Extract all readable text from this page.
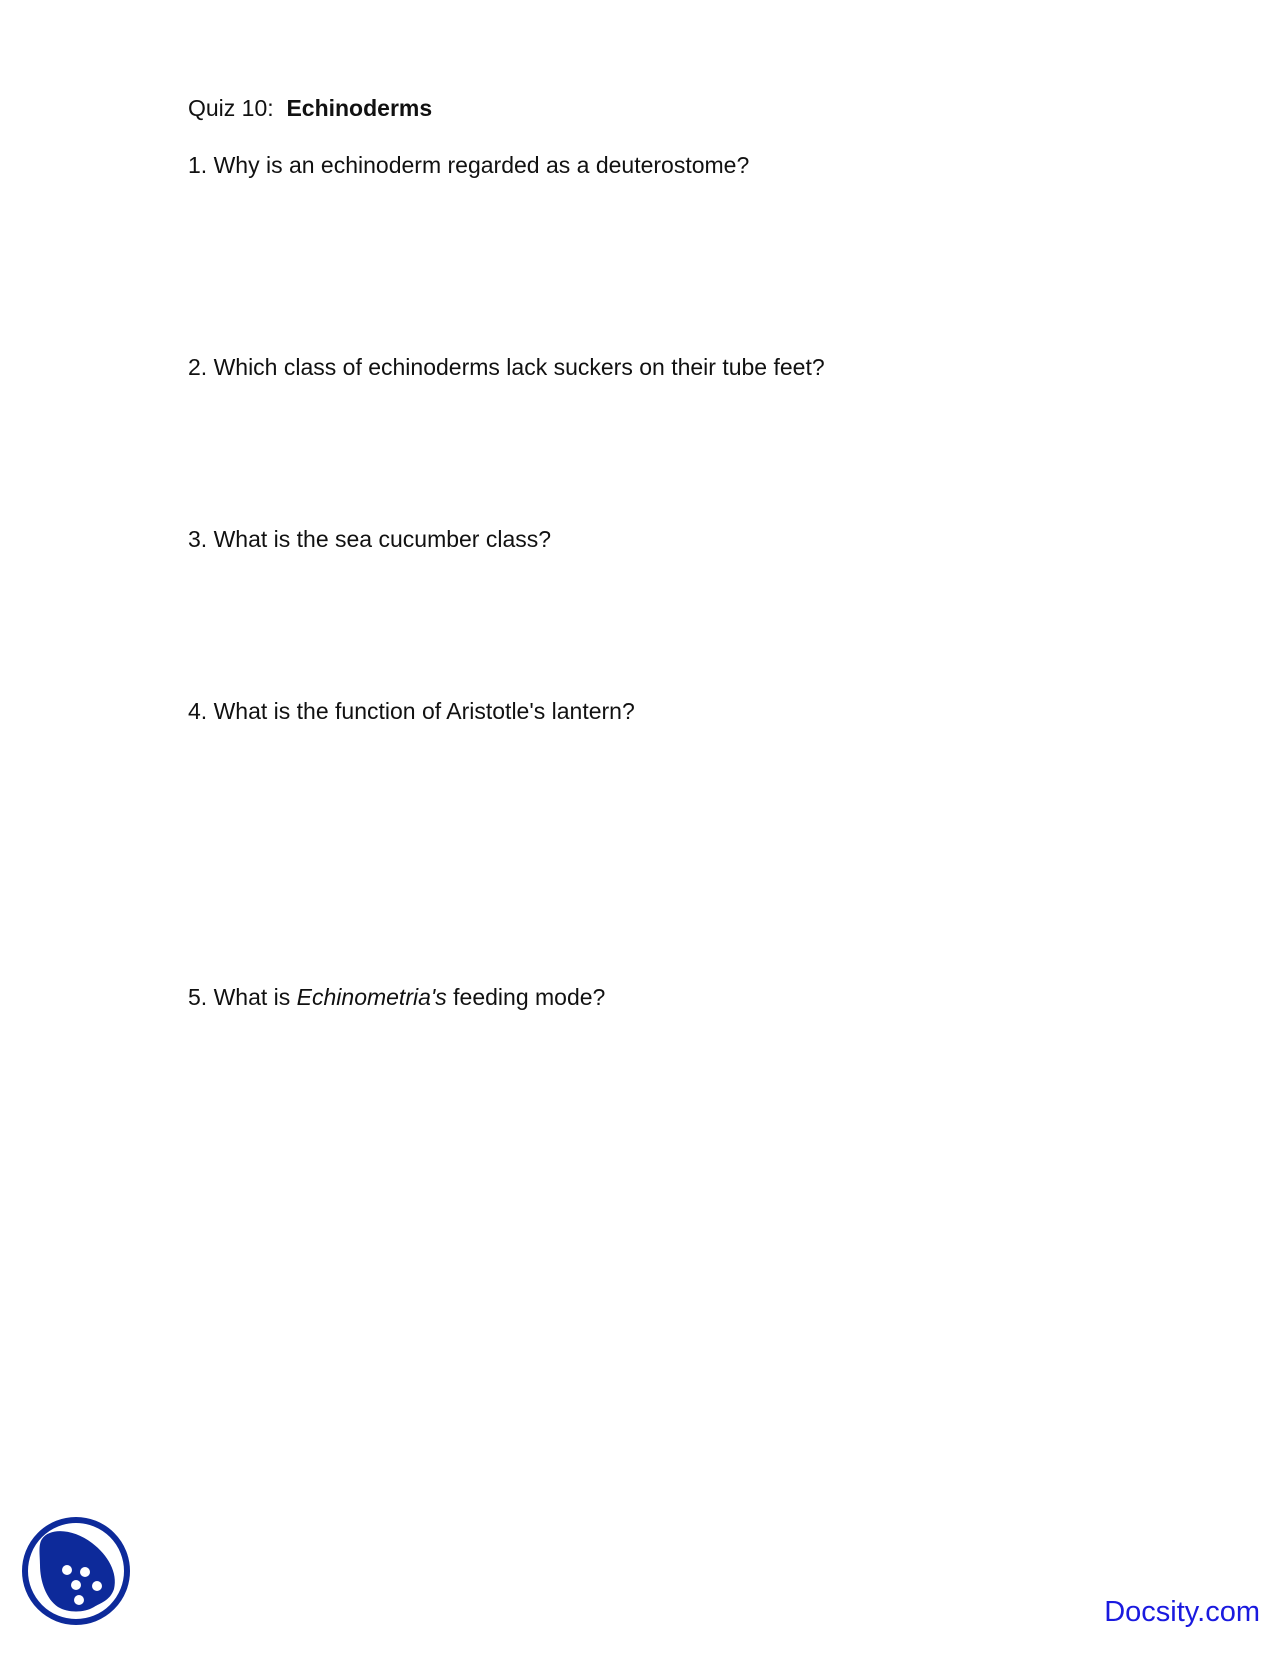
Quiz 10: Echinoderms
1. Why is an echinoderm regarded as a deuterostome?
2. Which class of echinoderms lack suckers on their tube feet?
3. What is the sea cucumber class?
4. What is the function of Aristotle's lantern?
5. What is Echinometria's feeding mode?
Docsity.com
